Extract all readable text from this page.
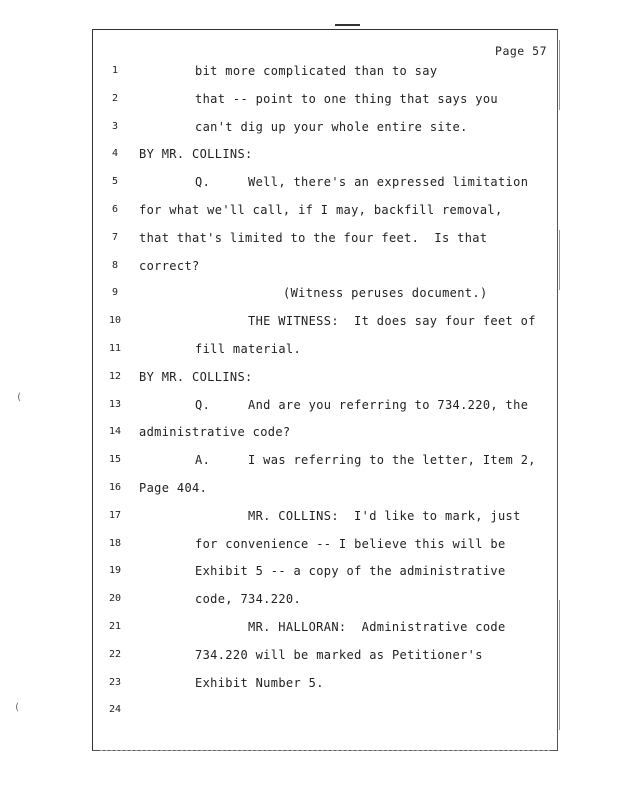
Page 57
1	bit more complicated than to say
2	that -- point to one thing that says you
3	can't dig up your whole entire site.
4	BY MR. COLLINS:
5	Q.     Well, there's an expressed limitation
6	for what we'll call, if I may, backfill removal,
7	that that's limited to the four feet.  Is that
8	correct?
9	(Witness peruses document.)
10	THE WITNESS:  It does say four feet of
11	fill material.
12	BY MR. COLLINS:
13	Q.     And are you referring to 734.220, the
14	administrative code?
15	A.     I was referring to the letter, Item 2,
16	Page 404.
17	MR. COLLINS:  I'd like to mark, just
18	for convenience -- I believe this will be
19	Exhibit 5 -- a copy of the administrative
20	code, 734.220.
21	MR. HALLORAN:  Administrative code
22	734.220 will be marked as Petitioner's
23	Exhibit Number 5.
24
(
(
